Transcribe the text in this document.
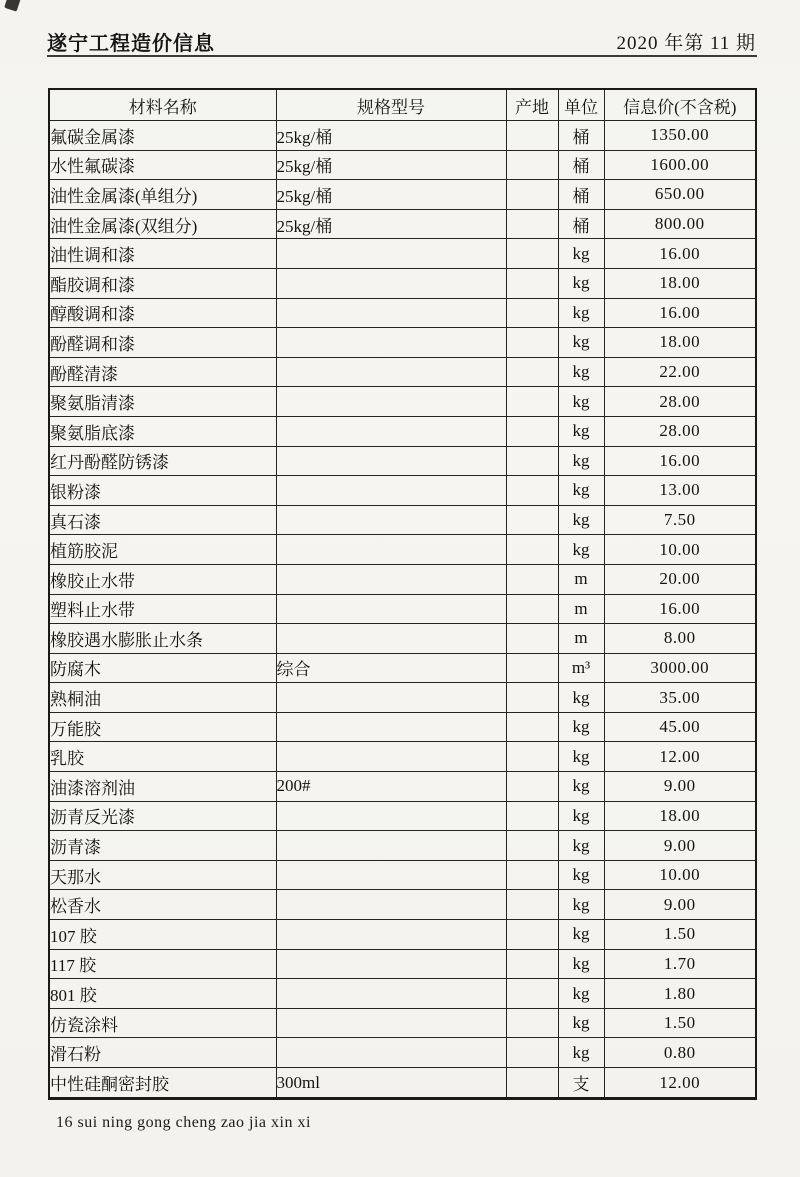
遂宁工程造价信息	2020 年第 11 期
材料名称	规格型号	产地	单位	信息价(不含税)
氟碳金属漆	25kg/桶		桶	1350.00
水性氟碳漆	25kg/桶		桶	1600.00
油性金属漆(单组分)	25kg/桶		桶	650.00
油性金属漆(双组分)	25kg/桶		桶	800.00
油性调和漆			kg	16.00
酯胶调和漆			kg	18.00
醇酸调和漆			kg	16.00
酚醛调和漆			kg	18.00
酚醛清漆			kg	22.00
聚氨脂清漆			kg	28.00
聚氨脂底漆			kg	28.00
红丹酚醛防锈漆			kg	16.00
银粉漆			kg	13.00
真石漆			kg	7.50
植筋胶泥			kg	10.00
橡胶止水带			m	20.00
塑料止水带			m	16.00
橡胶遇水膨胀止水条			m	8.00
防腐木	综合		m³	3000.00
熟桐油			kg	35.00
万能胶			kg	45.00
乳胶			kg	12.00
油漆溶剂油	200#		kg	9.00
沥青反光漆			kg	18.00
沥青漆			kg	9.00
天那水			kg	10.00
松香水			kg	9.00
107 胶			kg	1.50
117 胶			kg	1.70
801 胶			kg	1.80
仿瓷涂料			kg	1.50
滑石粉			kg	0.80
中性硅酮密封胶	300ml		支	12.00
16 sui ning gong cheng zao jia xin xi
